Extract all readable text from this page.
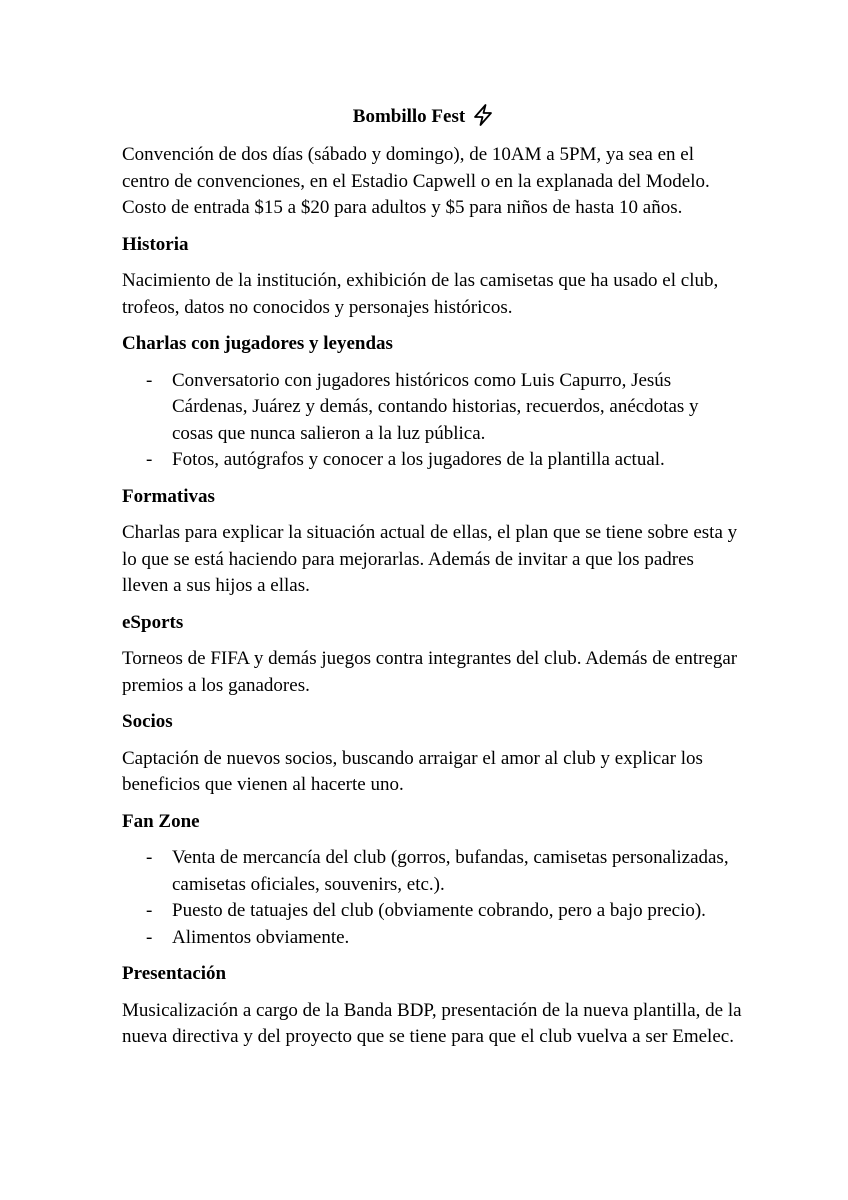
Bombillo Fest

Convención de dos días (sábado y domingo), de 10AM a 5PM, ya sea en el centro de convenciones, en el Estadio Capwell o en la explanada del Modelo. Costo de entrada $15 a $20 para adultos y $5 para niños de hasta 10 años.

Historia

Nacimiento de la institución, exhibición de las camisetas que ha usado el club, trofeos, datos no conocidos y personajes históricos.

Charlas con jugadores y leyendas

- Conversatorio con jugadores históricos como Luis Capurro, Jesús Cárdenas, Juárez y demás, contando historias, recuerdos, anécdotas y cosas que nunca salieron a la luz pública.
- Fotos, autógrafos y conocer a los jugadores de la plantilla actual.

Formativas

Charlas para explicar la situación actual de ellas, el plan que se tiene sobre esta y lo que se está haciendo para mejorarlas. Además de invitar a que los padres lleven a sus hijos a ellas.

eSports

Torneos de FIFA y demás juegos contra integrantes del club. Además de entregar premios a los ganadores.

Socios

Captación de nuevos socios, buscando arraigar el amor al club y explicar los beneficios que vienen al hacerte uno.

Fan Zone

- Venta de mercancía del club (gorros, bufandas, camisetas personalizadas, camisetas oficiales, souvenirs, etc.).
- Puesto de tatuajes del club (obviamente cobrando, pero a bajo precio).
- Alimentos obviamente.

Presentación

Musicalización a cargo de la Banda BDP, presentación de la nueva plantilla, de la nueva directiva y del proyecto que se tiene para que el club vuelva a ser Emelec.
